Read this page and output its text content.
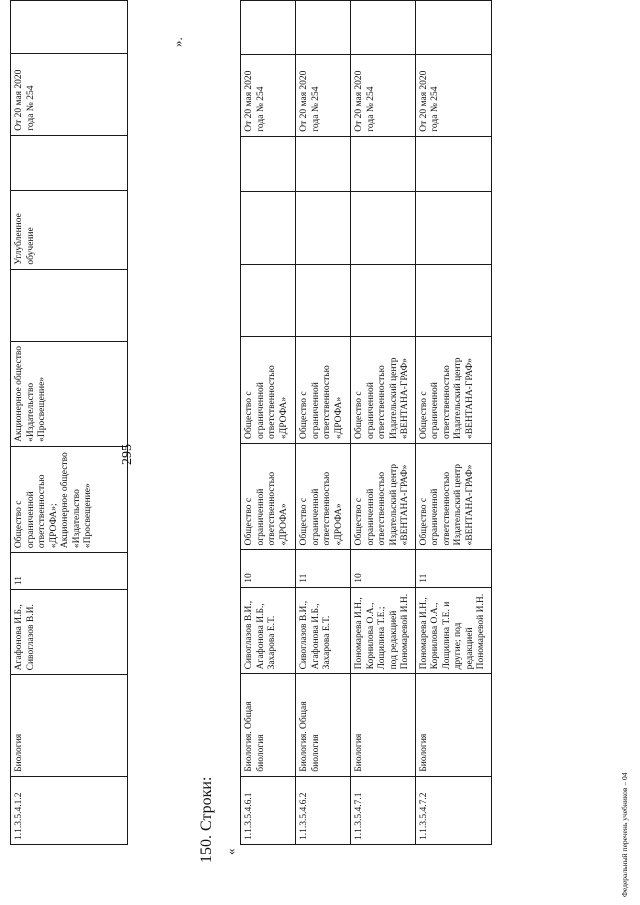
1.1.3.5.4.1.2	Биология	Агафонова И.Б., Сивоглазов В.И.	11	Общество с ограниченной ответственностью «ДРОФА»; Акционерное общество «Издательство «Просвещение»	Акционерное общество «Издательство «Просвещение»		Углубленное обучение		От 20 мая 2020 года № 254	
295
».
150. Строки: «
1.1.3.5.4.6.1	Биология. Общая биология	Сивоглазов В.И., Агафонова И.Б., Захарова Е.Т.	10	Общество с ограниченной ответственностью «ДРОФА»	Общество с ограниченной ответственностью «ДРОФА»				От 20 мая 2020 года № 254	
1.1.3.5.4.6.2	Биология. Общая биология	Сивоглазов В.И., Агафонова И.Б., Захарова Е.Т.	11	Общество с ограниченной ответственностью «ДРОФА»	Общество с ограниченной ответственностью «ДРОФА»				От 20 мая 2020 года № 254	
1.1.3.5.4.7.1	Биология	Пономарева И.Н., Корнилова О.А., Лощилина Т.Е.; под редакцией Пономаревой И.Н.	10	Общество с ограниченной ответственностью Издательский центр «ВЕНТАНА-ГРАФ»	Общество с ограниченной ответственностью Издательский центр «ВЕНТАНА-ГРАФ»				От 20 мая 2020 года № 254	
1.1.3.5.4.7.2	Биология	Пономарева И.Н., Корнилова О.А., Лощилина Т.Е. и другие; под редакцией Пономаревой И.Н.	11	Общество с ограниченной ответственностью Издательский центр «ВЕНТАНА-ГРАФ»	Общество с ограниченной ответственностью Издательский центр «ВЕНТАНА-ГРАФ»				От 20 мая 2020 года № 254	
Федеральный перечень учебников – 04
